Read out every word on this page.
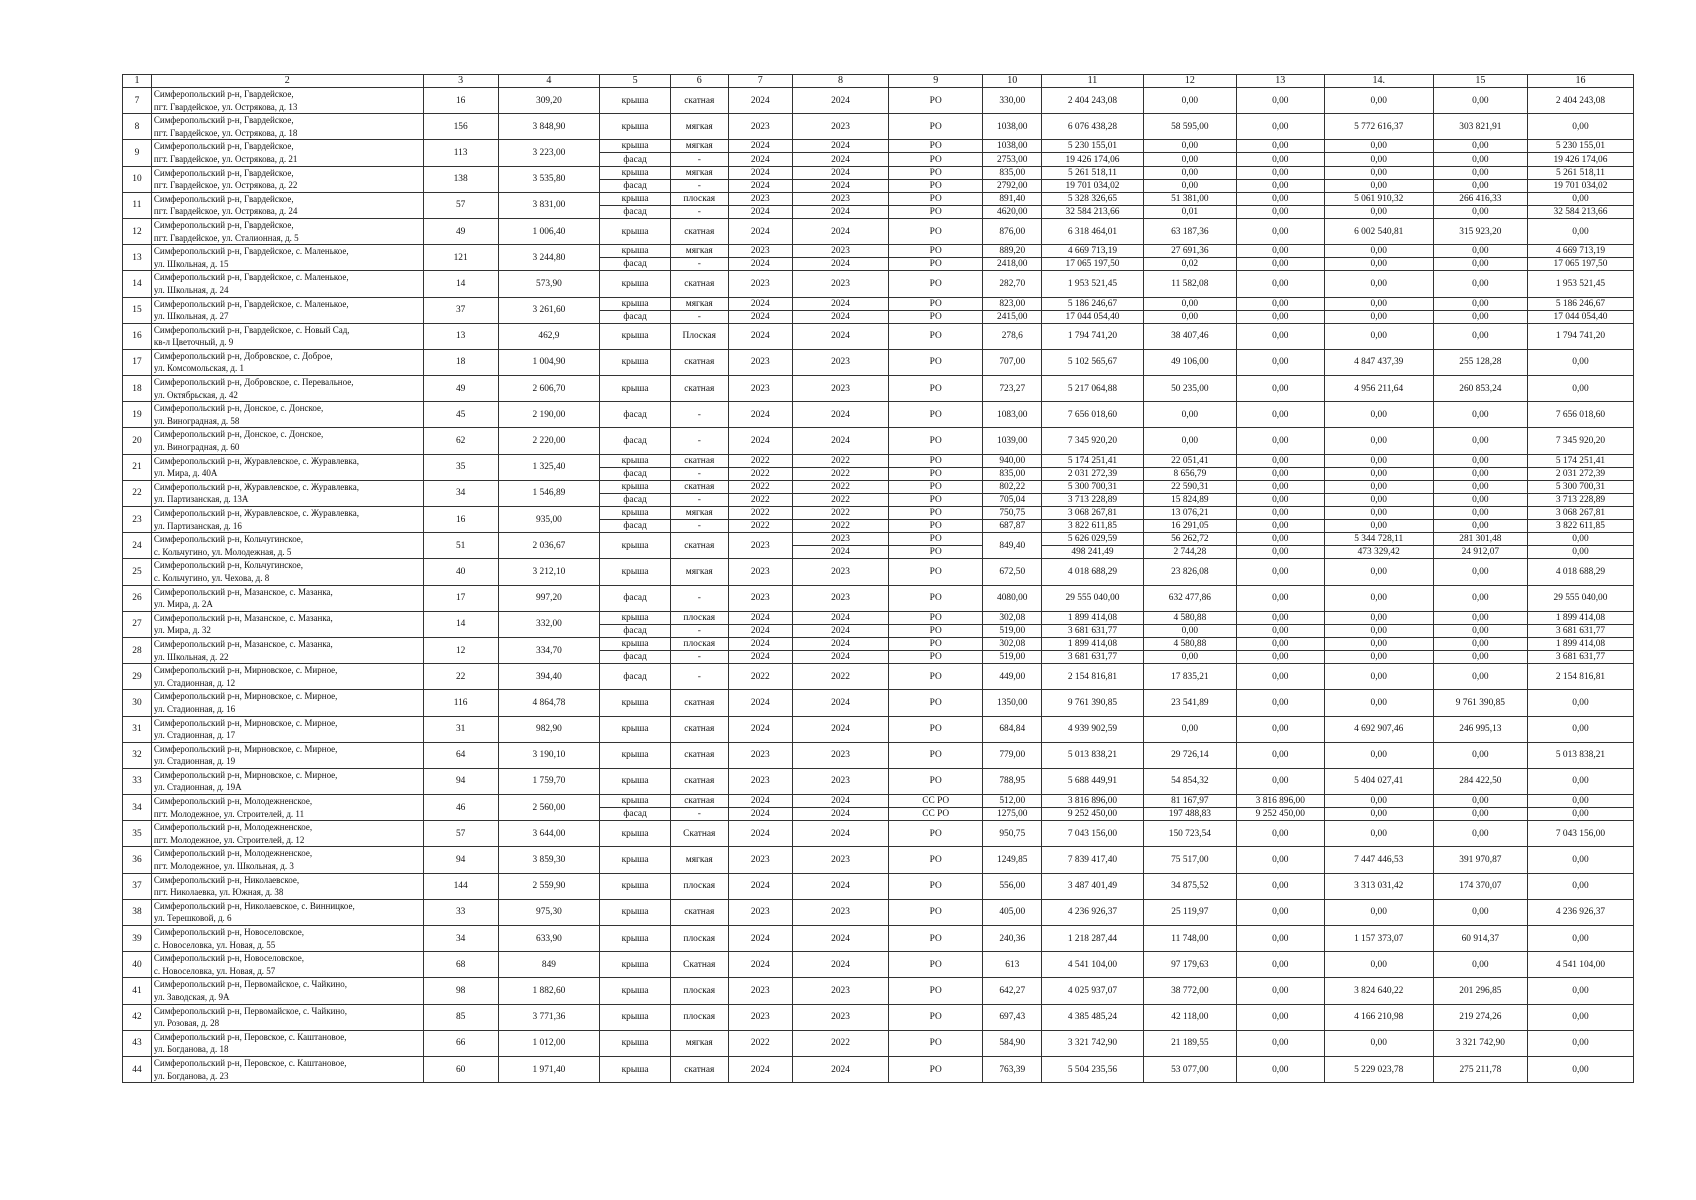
1	2	3	4	5	6	7	8	9	10	11	12	13	14.	15	16
7	Симферопольский р-н, Гвардейское,
пгт. Гвардейское, ул. Острякова, д. 13	16	309,20	крыша	скатная	2024	2024	РО	330,00	2 404 243,08	0,00	0,00	0,00	0,00	2 404 243,08
8	Симферопольский р-н, Гвардейское,
пгт. Гвардейское, ул. Острякова, д. 18	156	3 848,90	крыша	мягкая	2023	2023	РО	1038,00	6 076 438,28	58 595,00	0,00	5 772 616,37	303 821,91	0,00
9	Симферопольский р-н, Гвардейское,
пгт. Гвардейское, ул. Острякова, д. 21	113	3 223,00	крыша	мягкая	2024	2024	РО	1038,00	5 230 155,01	0,00	0,00	0,00	0,00	5 230 155,01
				фасад	-	2024	2024	РО	2753,00	19 426 174,06	0,00	0,00	0,00	0,00	19 426 174,06
10	Симферопольский р-н, Гвардейское,
пгт. Гвардейское, ул. Острякова, д. 22	138	3 535,80	крыша	мягкая	2024	2024	РО	835,00	5 261 518,11	0,00	0,00	0,00	0,00	5 261 518,11
				фасад	-	2024	2024	РО	2792,00	19 701 034,02	0,00	0,00	0,00	0,00	19 701 034,02
11	Симферопольский р-н, Гвардейское,
пгт. Гвардейское, ул. Острякова, д. 24	57	3 831,00	крыша	плоская	2023	2023	РО	891,40	5 328 326,65	51 381,00	0,00	5 061 910,32	266 416,33	0,00
				фасад	-	2024	2024	РО	4620,00	32 584 213,66	0,01	0,00	0,00	0,00	32 584 213,66
12	Симферопольский р-н, Гвардейское,
пгт. Гвардейское, ул. Сталионная, д. 5	49	1 006,40	крыша	скатная	2024	2024	РО	876,00	6 318 464,01	63 187,36	0,00	6 002 540,81	315 923,20	0,00
13	Симферопольский р-н, Гвардейское, с. Маленькое,
ул. Школьная, д. 15	121	3 244,80	крыша	мягкая	2023	2023	РО	889,20	4 669 713,19	27 691,36	0,00	0,00	0,00	4 669 713,19
				фасад	-	2024	2024	РО	2418,00	17 065 197,50	0,02	0,00	0,00	0,00	17 065 197,50
14	Симферопольский р-н, Гвардейское, с. Маленькое,
ул. Школьная, д. 24	14	573,90	крыша	скатная	2023	2023	РО	282,70	1 953 521,45	11 582,08	0,00	0,00	0,00	1 953 521,45
15	Симферопольский р-н, Гвардейское, с. Маленькое,
ул. Школьная, д. 27	37	3 261,60	крыша	мягкая	2024	2024	РО	823,00	5 186 246,67	0,00	0,00	0,00	0,00	5 186 246,67
				фасад	-	2024	2024	РО	2415,00	17 044 054,40	0,00	0,00	0,00	0,00	17 044 054,40
16	Симферопольский р-н, Гвардейское, с. Новый Сад,
кв-л Цветочный, д. 9	13	462,9	крыша	Плоская	2024	2024	РО	278,6	1 794 741,20	38 407,46	0,00	0,00	0,00	1 794 741,20
17	Симферопольский р-н, Добровское, с. Доброе,
ул. Комсомольская, д. 1	18	1 004,90	крыша	скатная	2023	2023	РО	707,00	5 102 565,67	49 106,00	0,00	4 847 437,39	255 128,28	0,00
18	Симферопольский р-н, Добровское, с. Перевальное,
ул. Октябрьская, д. 42	49	2 606,70	крыша	скатная	2023	2023	РО	723,27	5 217 064,88	50 235,00	0,00	4 956 211,64	260 853,24	0,00
19	Симферопольский р-н, Донское, с. Донское,
ул. Виноградная, д. 58	45	2 190,00	фасад	-	2024	2024	РО	1083,00	7 656 018,60	0,00	0,00	0,00	0,00	7 656 018,60
20	Симферопольский р-н, Донское, с. Донское,
ул. Виноградная, д. 60	62	2 220,00	фасад	-	2024	2024	РО	1039,00	7 345 920,20	0,00	0,00	0,00	0,00	7 345 920,20
21	Симферопольский р-н, Журавлевское, с. Журавлевка,
ул. Мира, д. 40А	35	1 325,40	крыша	скатная	2022	2022	РО	940,00	5 174 251,41	22 051,41	0,00	0,00	0,00	5 174 251,41
				фасад	-	2022	2022	РО	835,00	2 031 272,39	8 656,79	0,00	0,00	0,00	2 031 272,39
22	Симферопольский р-н, Журавлевское, с. Журавлевка,
ул. Партизанская, д. 13А	34	1 546,89	крыша	скатная	2022	2022	РО	802,22	5 300 700,31	22 590,31	0,00	0,00	0,00	5 300 700,31
				фасад	-	2022	2022	РО	705,04	3 713 228,89	15 824,89	0,00	0,00	0,00	3 713 228,89
23	Симферопольский р-н, Журавлевское, с. Журавлевка,
ул. Партизанская, д. 16	16	935,00	крыша	мягкая	2022	2022	РО	750,75	3 068 267,81	13 076,21	0,00	0,00	0,00	3 068 267,81
				фасад	-	2022	2022	РО	687,87	3 822 611,85	16 291,05	0,00	0,00	0,00	3 822 611,85
24	Симферопольский р-н, Кольчугинское,
с. Кольчугино, ул. Молодежная, д. 5	51	2 036,67	крыша	скатная	2023	2023	РО	849,40	5 626 029,59	56 262,72	0,00	5 344 728,11	281 301,48	0,00
							2024	РО		498 241,49	2 744,28	0,00	473 329,42	24 912,07	0,00
25	Симферопольский р-н, Кольчугинское,
с. Кольчугино, ул. Чехова, д. 8	40	3 212,10	крыша	мягкая	2023	2023	РО	672,50	4 018 688,29	23 826,08	0,00	0,00	0,00	4 018 688,29
26	Симферопольский р-н, Мазанское, с. Мазанка,
ул. Мира, д. 2А	17	997,20	фасад	-	2023	2023	РО	4080,00	29 555 040,00	632 477,86	0,00	0,00	0,00	29 555 040,00
27	Симферопольский р-н, Мазанское, с. Мазанка,
ул. Мира, д. 32	14	332,00	крыша	плоская	2024	2024	РО	302,08	1 899 414,08	4 580,88	0,00	0,00	0,00	1 899 414,08
				фасад	-	2024	2024	РО	519,00	3 681 631,77	0,00	0,00	0,00	0,00	3 681 631,77
28	Симферопольский р-н, Мазанское, с. Мазанка,
ул. Школьная, д. 22	12	334,70	крыша	плоская	2024	2024	РО	302,08	1 899 414,08	4 580,88	0,00	0,00	0,00	1 899 414,08
				фасад	-	2024	2024	РО	519,00	3 681 631,77	0,00	0,00	0,00	0,00	3 681 631,77
29	Симферопольский р-н, Мирновское, с. Мирное,
ул. Стадионная, д. 12	22	394,40	фасад	-	2022	2022	РО	449,00	2 154 816,81	17 835,21	0,00	0,00	0,00	2 154 816,81
30	Симферопольский р-н, Мирновское, с. Мирное,
ул. Стадионная, д. 16	116	4 864,78	крыша	скатная	2024	2024	РО	1350,00	9 761 390,85	23 541,89	0,00	0,00	9 761 390,85	0,00
31	Симферопольский р-н, Мирновское, с. Мирное,
ул. Стадионная, д. 17	31	982,90	крыша	скатная	2024	2024	РО	684,84	4 939 902,59	0,00	0,00	4 692 907,46	246 995,13	0,00
32	Симферопольский р-н, Мирновское, с. Мирное,
ул. Стадионная, д. 19	64	3 190,10	крыша	скатная	2023	2023	РО	779,00	5 013 838,21	29 726,14	0,00	0,00	0,00	5 013 838,21
33	Симферопольский р-н, Мирновское, с. Мирное,
ул. Стадионная, д. 19А	94	1 759,70	крыша	скатная	2023	2023	РО	788,95	5 688 449,91	54 854,32	0,00	5 404 027,41	284 422,50	0,00
34	Симферопольский р-н, Молодежненское,
пгт. Молодежное, ул. Строителей, д. 11	46	2 560,00	крыша	скатная	2024	2024	СС РО	512,00	3 816 896,00	81 167,97	3 816 896,00	0,00	0,00	0,00
				фасад	-	2024	2024	СС РО	1275,00	9 252 450,00	197 488,83	9 252 450,00	0,00	0,00	0,00
35	Симферопольский р-н, Молодежненское,
пгт. Молодежное, ул. Строителей, д. 12	57	3 644,00	крыша	Скатная	2024	2024	РО	950,75	7 043 156,00	150 723,54	0,00	0,00	0,00	7 043 156,00
36	Симферопольский р-н, Молодежненское,
пгт. Молодежное, ул. Школьная, д. 3	94	3 859,30	крыша	мягкая	2023	2023	РО	1249,85	7 839 417,40	75 517,00	0,00	7 447 446,53	391 970,87	0,00
37	Симферопольский р-н, Николаевское,
пгт. Николаевка, ул. Южная, д. 38	144	2 559,90	крыша	плоская	2024	2024	РО	556,00	3 487 401,49	34 875,52	0,00	3 313 031,42	174 370,07	0,00
38	Симферопольский р-н, Николаевское, с. Винницкое,
ул. Терешковой, д. 6	33	975,30	крыша	скатная	2023	2023	РО	405,00	4 236 926,37	25 119,97	0,00	0,00	0,00	4 236 926,37
39	Симферопольский р-н, Новоселовское,
с. Новоселовка, ул. Новая, д. 55	34	633,90	крыша	плоская	2024	2024	РО	240,36	1 218 287,44	11 748,00	0,00	1 157 373,07	60 914,37	0,00
40	Симферопольский р-н, Новоселовское,
с. Новоселовка, ул. Новая, д. 57	68	849	крыша	Скатная	2024	2024	РО	613	4 541 104,00	97 179,63	0,00	0,00	0,00	4 541 104,00
41	Симферопольский р-н, Первомайское, с. Чайкино,
ул. Заводская, д. 9А	98	1 882,60	крыша	плоская	2023	2023	РО	642,27	4 025 937,07	38 772,00	0,00	3 824 640,22	201 296,85	0,00
42	Симферопольский р-н, Первомайское, с. Чайкино,
ул. Розовая, д. 28	85	3 771,36	крыша	плоская	2023	2023	РО	697,43	4 385 485,24	42 118,00	0,00	4 166 210,98	219 274,26	0,00
43	Симферопольский р-н, Перовское, с. Каштановое,
ул. Богданова, д. 18	66	1 012,00	крыша	мягкая	2022	2022	РО	584,90	3 321 742,90	21 189,55	0,00	0,00	3 321 742,90	0,00
44	Симферопольский р-н, Перовское, с. Каштановое,
ул. Богданова, д. 23	60	1 971,40	крыша	скатная	2024	2024	РО	763,39	5 504 235,56	53 077,00	0,00	5 229 023,78	275 211,78	0,00
